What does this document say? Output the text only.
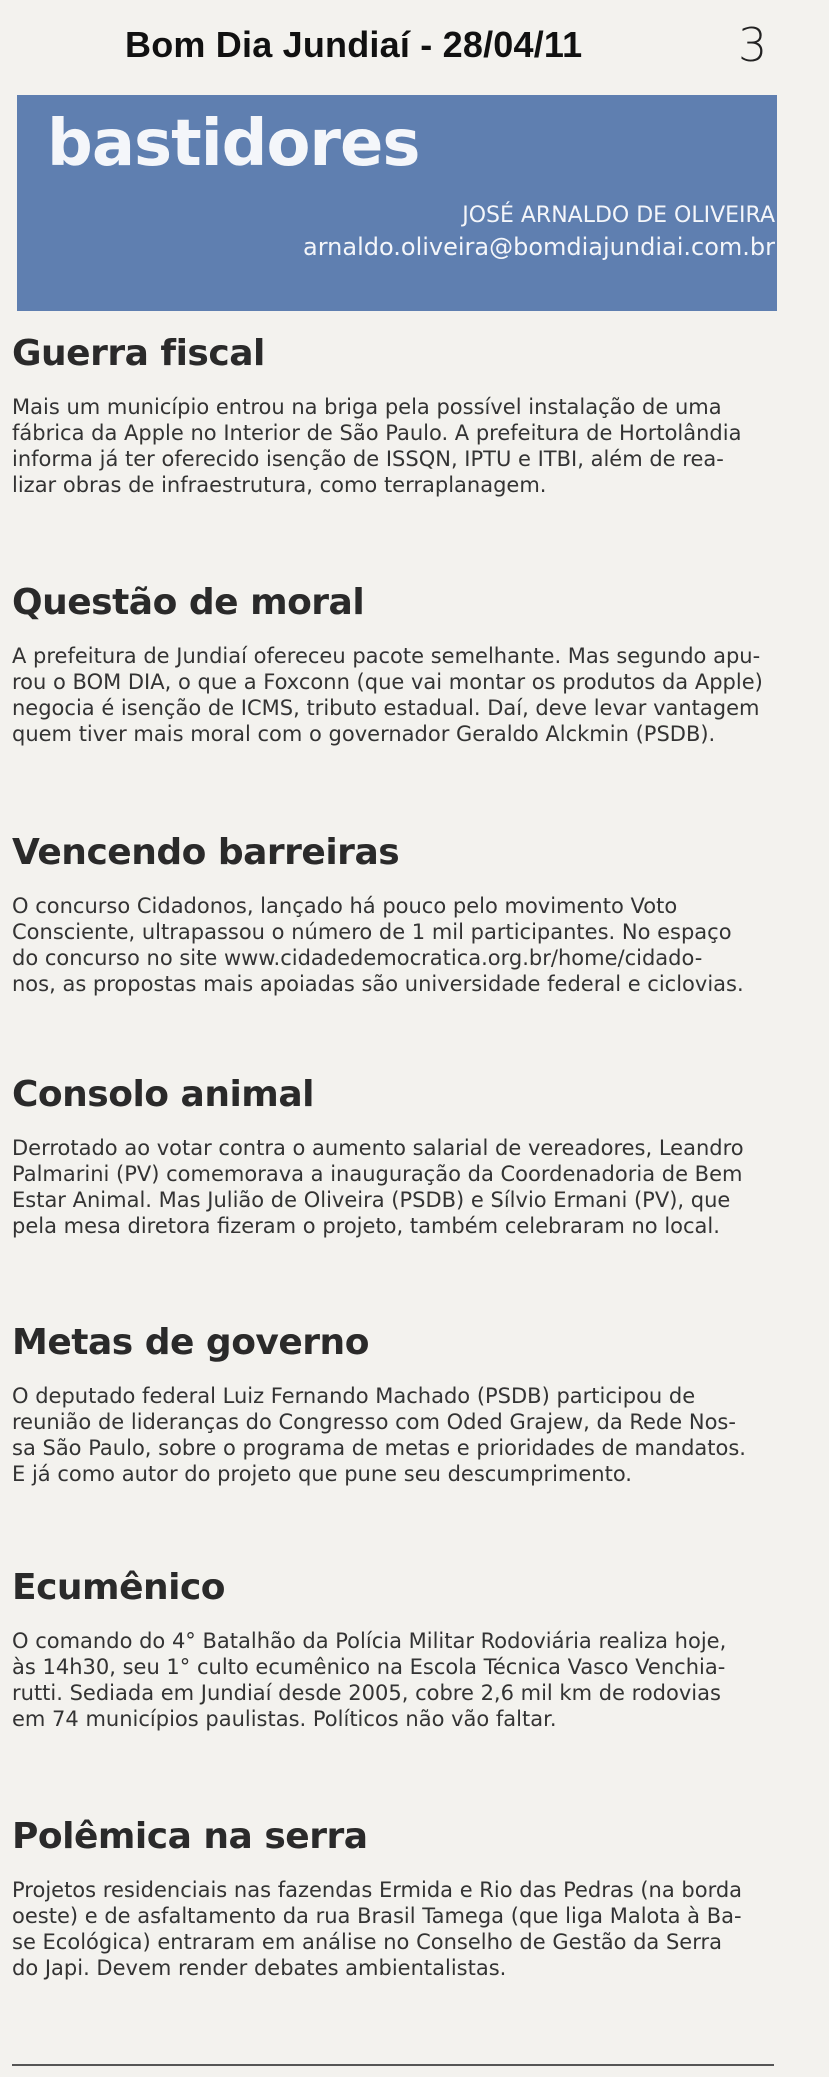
Bom Dia Jundiaí - 28/04/11	3
bastidores
JOSÉ ARNALDO DE OLIVEIRA
arnaldo.oliveira@bomdiajundiai.com.br
Guerra fiscal
Mais um município entrou na briga pela possível instalação de uma
fábrica da Apple no Interior de São Paulo. A prefeitura de Hortolândia
informa já ter oferecido isenção de ISSQN, IPTU e ITBI, além de rea-
lizar obras de infraestrutura, como terraplanagem.
Questão de moral
A prefeitura de Jundiaí ofereceu pacote semelhante. Mas segundo apu-
rou o BOM DIA, o que a Foxconn (que vai montar os produtos da Apple)
negocia é isenção de ICMS, tributo estadual. Daí, deve levar vantagem
quem tiver mais moral com o governador Geraldo Alckmin (PSDB).
Vencendo barreiras
O concurso Cidadonos, lançado há pouco pelo movimento Voto
Consciente, ultrapassou o número de 1 mil participantes. No espaço
do concurso no site www.cidadedemocratica.org.br/home/cidado-
nos, as propostas mais apoiadas são universidade federal e ciclovias.
Consolo animal
Derrotado ao votar contra o aumento salarial de vereadores, Leandro
Palmarini (PV) comemorava a inauguração da Coordenadoria de Bem
Estar Animal. Mas Julião de Oliveira (PSDB) e Sílvio Ermani (PV), que
pela mesa diretora fizeram o projeto, também celebraram no local.
Metas de governo
O deputado federal Luiz Fernando Machado (PSDB) participou de
reunião de lideranças do Congresso com Oded Grajew, da Rede Nos-
sa São Paulo, sobre o programa de metas e prioridades de mandatos.
E já como autor do projeto que pune seu descumprimento.
Ecumênico
O comando do 4° Batalhão da Polícia Militar Rodoviária realiza hoje,
às 14h30, seu 1° culto ecumênico na Escola Técnica Vasco Venchia-
rutti. Sediada em Jundiaí desde 2005, cobre 2,6 mil km de rodovias
em 74 municípios paulistas. Políticos não vão faltar.
Polêmica na serra
Projetos residenciais nas fazendas Ermida e Rio das Pedras (na borda
oeste) e de asfaltamento da rua Brasil Tamega (que liga Malota à Ba-
se Ecológica) entraram em análise no Conselho de Gestão da Serra
do Japi. Devem render debates ambientalistas.
